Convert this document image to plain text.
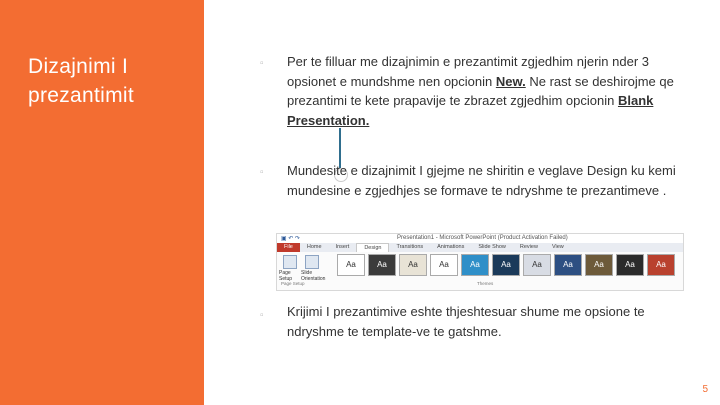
Dizajnimi I prezantimit
▫ Per te filluar me dizajnimin e prezantimit zgjedhim njerin nder 3 opsionet e mundshme nen opcionin New. Ne rast se deshirojme qe prezantimi te kete prapavije te zbrazet zgjedhim opcionin Blank Presentation.
▫ Mundesite e dizajnimit I gjejme ne shiritin e veglave Design ku kemi mundesine e zgjedhjes se formave te ndryshme te prezantimeve .
▣ ↶ ↷	Presentation1 - Microsoft PowerPoint (Product Activation Failed)
File	Home	Insert	Design	Transitions	Animations	Slide Show	Review	View
Page Setup
Slide Orientation
Page Setup
Aa	Aa	Aa	Aa	Aa	Aa	Aa	Aa	Aa	Aa	Aa
Themes
▫ Krijimi I prezantimive eshte thjeshtesuar shume me opsione te ndryshme te template-ve te gatshme.
5
